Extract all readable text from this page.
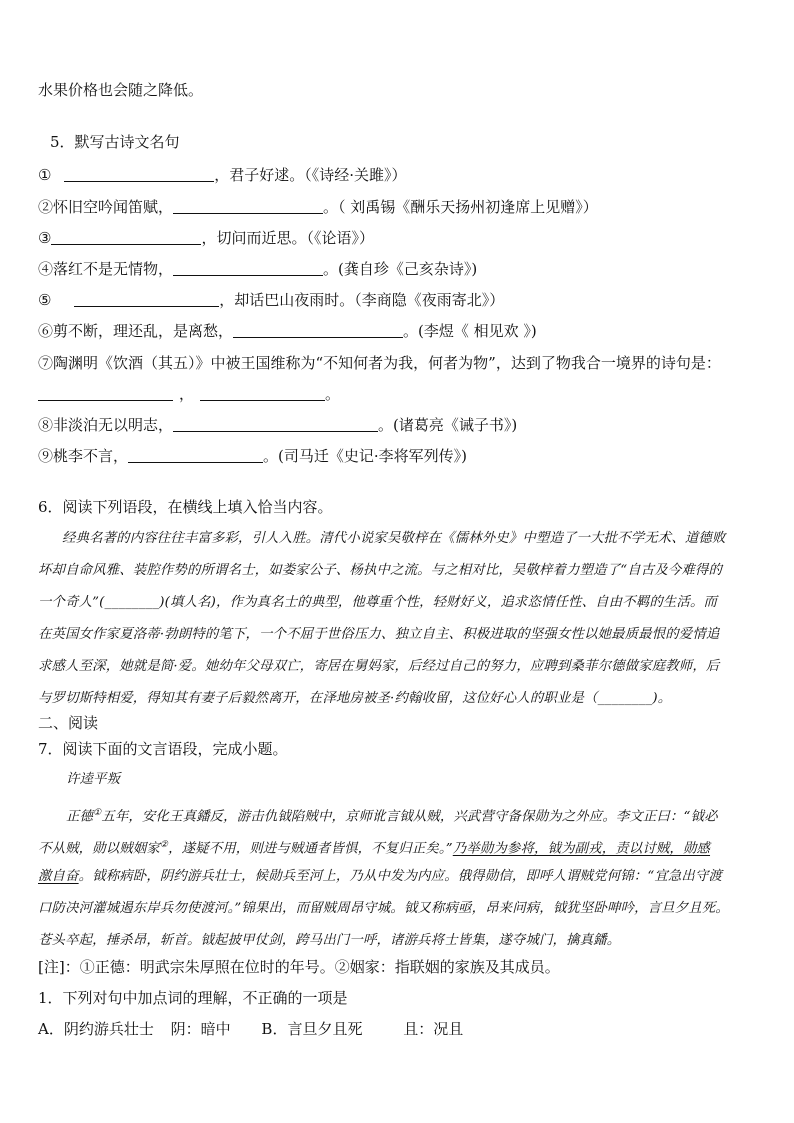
水果价格也会随之降低。
5．默写古诗文名句
①	，君子好逑。（《诗经·关雎》）
②怀旧空吟闻笛赋，	。（ 刘禹锡《酬乐天扬州初逢席上见赠》）
③	，切问而近思。（《论语》）
④落红不是无情物，	。(龚自珍《己亥杂诗》)
⑤	，却话巴山夜雨时。（李商隐《夜雨寄北》）
⑥剪不断，理还乱，是离愁，	。(李煜《 相见欢 》)
⑦陶渊明《饮酒（其五）》中被王国维称为“不知何者为我，何者为物”，达到了物我合一境界的诗句是：
，	。
⑧非淡泊无以明志，	。(诸葛亮《诫子书》)
⑨桃李不言，	。(司马迁《史记·李将军列传》)
6．阅读下列语段，在横线上填入恰当内容。
经典名著的内容往往丰富多彩，引人入胜。清代小说家吴敬梓在《儒林外史》中塑造了一大批不学无术、道德败
坏却自命风雅、装腔作势的所谓名士，如娄家公子、杨执中之流。与之相对比，吴敬梓着力塑造了“自古及今难得的
一个奇人”(________)(填人名)，作为真名士的典型，他尊重个性，轻财好义，追求恣情任性、自由不羁的生活。而
在英国女作家夏洛蒂·勃朗特的笔下，一个不屈于世俗压力、独立自主、积极进取的坚强女性以她最质最恨的爱情追
求感人至深，她就是简·爱。她幼年父母双亡，寄居在舅妈家，后经过自己的努力，应聘到桑菲尔德做家庭教师，后
与罗切斯特相爱，得知其有妻子后毅然离开，在泽地房被圣·约翰收留，这位好心人的职业是（________)。
二、阅读
7．阅读下面的文言语段，完成小题。
许逵平叛
正德①五年，安化王真鐇反，游击仇钺陷贼中，京师讹言钺从贼，兴武营守备保勋为之外应。李文正曰：“钺必
不从贼，勋以贼姻家②，遂疑不用，则进与贼通者皆惧，不复归正矣。”乃举勋为参将，钺为副戎，责以讨贼，勋感
激自奋。钺称病卧，阴约游兵壮士，候勋兵至河上，乃从中发为内应。俄得勋信，即呼人谓贼党何锦：“宜急出守渡
口防决河灌城遏东岸兵勿使渡河。”锦果出，而留贼周昂守城。钺又称病亟，昂来问病，钺犹坚卧呻吟，言旦夕且死。
苍头卒起，捶杀昂，斩首。钺起披甲仗剑，跨马出门一呼，诸游兵将士皆集，遂夺城门，擒真鐇。
[注]：①正德：明武宗朱厚照在位时的年号。②姻家：指联姻的家族及其成员。
1．下列对句中加点词的理解，不正确的一项是
A．阴约游兵壮士 阴：暗中 B．言旦夕且死	且：况且
